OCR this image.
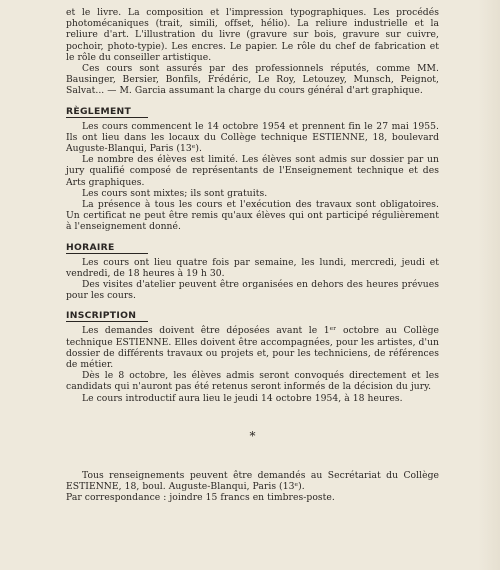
et le livre. La composition et l'impression typographiques. Les procédés photomécaniques (trait, simili, offset, hélio). La reliure industrielle et la reliure d'art. L'illustration du livre (gravure sur bois, gravure sur cuivre, pochoir, photo-typie). Les encres. Le papier. Le rôle du chef de fabrication et le rôle du conseiller artistique.

Ces cours sont assurés par des professionnels réputés, comme MM. Bausinger, Bersier, Bonfils, Frédéric, Le Roy, Letouzey, Munsch, Peignot, Salvat... — M. Garcia assumant la charge du cours général d'art graphique.

RÈGLEMENT

Les cours commencent le 14 octobre 1954 et prennent fin le 27 mai 1955. Ils ont lieu dans les locaux du Collège technique ESTIENNE, 18, boulevard Auguste-Blanqui, Paris (13ᵉ).

Le nombre des élèves est limité. Les élèves sont admis sur dossier par un jury qualifié composé de représentants de l'Enseignement technique et des Arts graphiques.

Les cours sont mixtes; ils sont gratuits.

La présence à tous les cours et l'exécution des travaux sont obligatoires. Un certificat ne peut être remis qu'aux élèves qui ont participé régulièrement à l'enseignement donné.

HORAIRE

Les cours ont lieu quatre fois par semaine, les lundi, mercredi, jeudi et vendredi, de 18 heures à 19 h 30.

Des visites d'atelier peuvent être organisées en dehors des heures prévues pour les cours.

INSCRIPTION

Les demandes doivent être déposées avant le 1ᵉʳ octobre au Collège technique ESTIENNE. Elles doivent être accompagnées, pour les artistes, d'un dossier de différents travaux ou projets et, pour les techniciens, de références de métier.

Dès le 8 octobre, les élèves admis seront convoqués directement et les candidats qui n'auront pas été retenus seront informés de la décision du jury.

Le cours introductif aura lieu le jeudi 14 octobre 1954, à 18 heures.

*

Tous renseignements peuvent être demandés au Secrétariat du Collège ESTIENNE, 18, boul. Auguste-Blanqui, Paris (13ᵉ).

Par correspondance : joindre 15 francs en timbres-poste.
